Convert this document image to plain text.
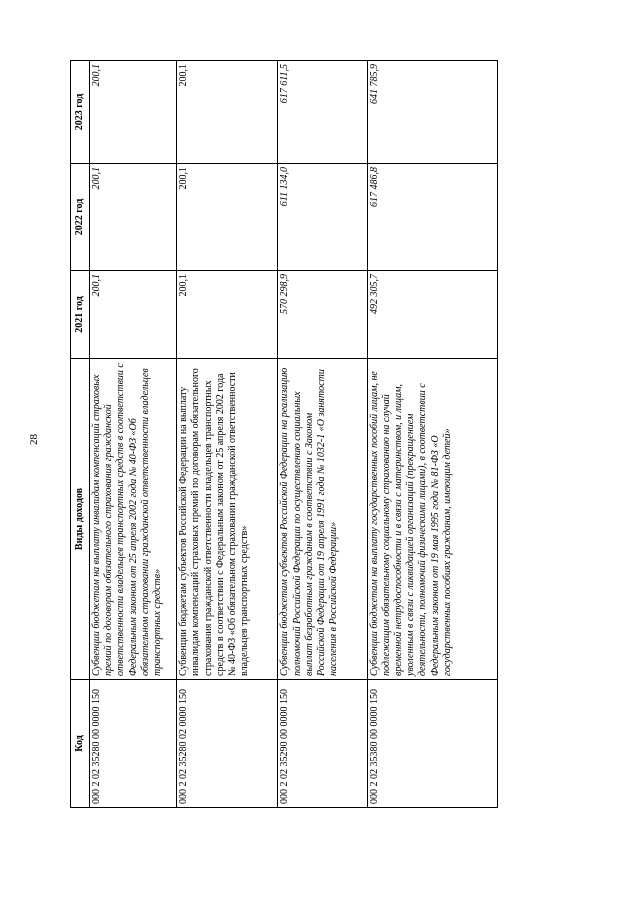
28
Код	Виды доходов	2021 год	2022 год	2023 год
000 2 02 35280 00 0000 150	Субвенции бюджетам на выплату инвалидам компенсаций страховых премий по договорам обязательного страхования гражданской ответственности владельцев транспортных средств в соответствии с Федеральным законом от 25 апреля 2002 года № 40-ФЗ «Об обязательном страховании гражданской ответственности владельцев транспортных средств»	200,1	200,1	200,1
000 2 02 35280 02 0000 150	Субвенции бюджетам субъектов Российской Федерации на выплату инвалидам компенсаций страховых премий по договорам обязательного страхования гражданской ответственности владельцев транспортных средств в соответствии с Федеральным законом от 25 апреля 2002 года № 40-ФЗ «Об обязательном страховании гражданской ответственности владельцев транспортных средств»	200,1	200,1	200,1
000 2 02 35290 00 0000 150	Субвенции бюджетам субъектов Российской Федерации на реализацию полномочий Российской Федерации по осуществлению социальных выплат безработным гражданам в соответствии с Законом Российской Федерации от 19 апреля 1991 года № 1032-1 «О занятости населения в Российской Федерации»	570 298,9	611 134,0	617 611,5
000 2 02 35380 00 0000 150	Субвенции бюджетам на выплату государственных пособий лицам, не подлежащим обязательному социальному страхованию на случай временной нетрудоспособности и в связи с материнством, и лицам, уволенным в связи с ликвидацией организаций (прекращением деятельности, полномочий физическими лицами), в соответствии с Федеральным законом от 19 мая 1995 года № 81-ФЗ «О государственных пособиях гражданам, имеющим детей»	492 305,7	617 486,8	641 785,9
